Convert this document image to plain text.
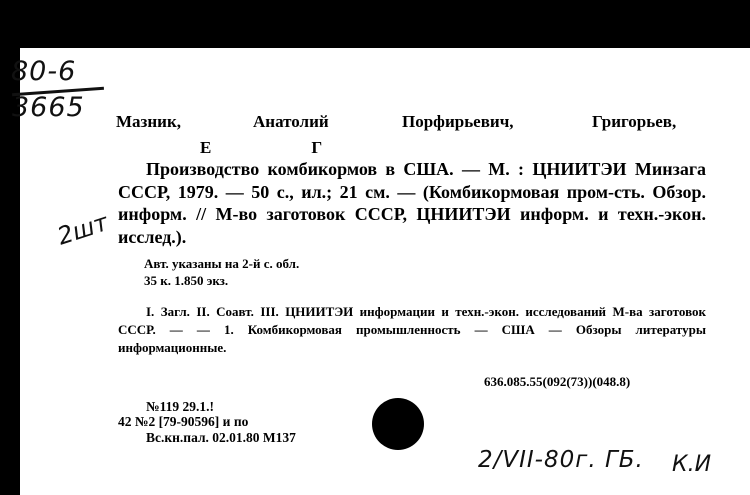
80-6
3665 Мазник,	Анатолий	Порфирьевич,	Григорьев,
Е	Г
Производство комбикормов в США. — М. : ЦНИИТЭИ Минзага СССР, 1979. — 50 с., ил.; 21 см. — (Комбикормовая пром-сть. Обзор. информ. // М-во заготовок СССР, ЦНИИТЭИ информ. и техн.-экон. исслед.).
2шт
Авт. указаны на 2-й с. обл.
35 к. 1.850 экз.
I. Загл. II. Соавт. III. ЦНИИТЭИ информации и техн.-экон. исследований М-ва заготовок СССР. — — 1. Комбикормовая промышленность — США — Обзоры литературы информационные.
636.085.55(092(73))(048.8)
№119 29.1.!
42 №2 [79-90596] и по
Вс.кн.пал. 02.01.80 М137
2/VII-80г. ГБ. К.И
